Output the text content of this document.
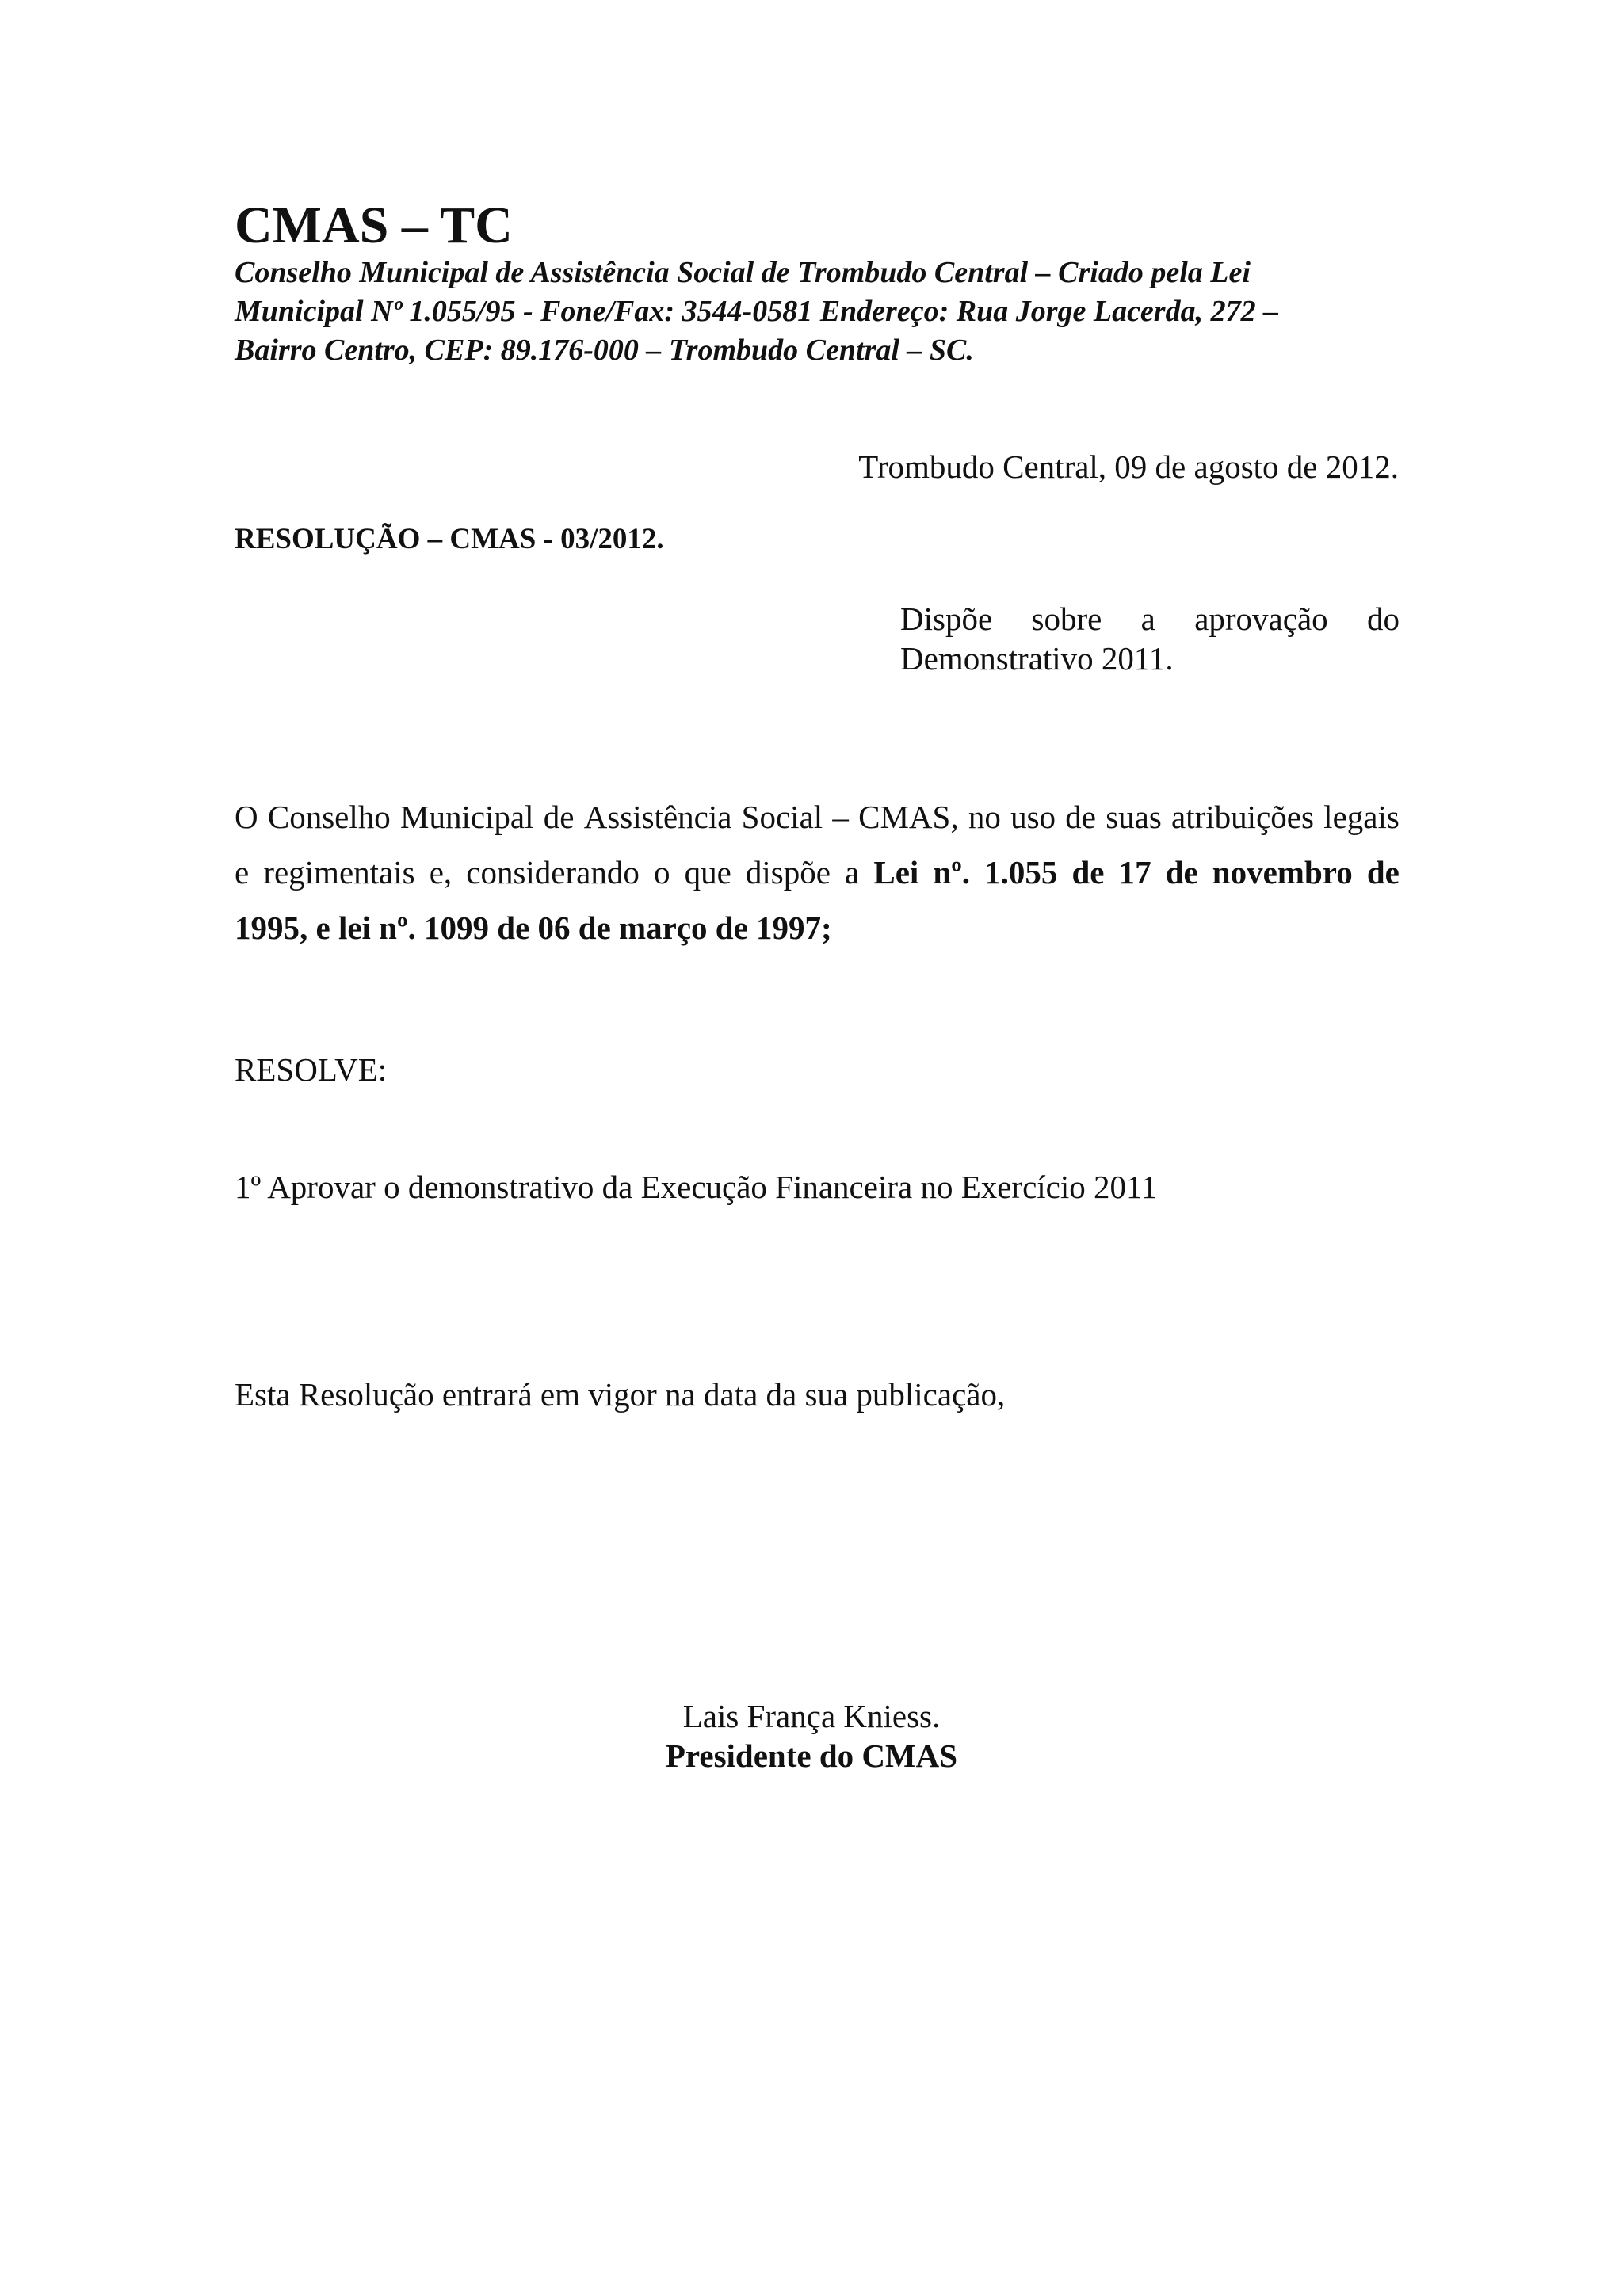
CMAS – TC
Conselho Municipal de Assistência Social de Trombudo Central – Criado pela Lei
Municipal Nº 1.055/95 - Fone/Fax: 3544-0581 Endereço: Rua Jorge Lacerda, 272 –
Bairro Centro, CEP: 89.176-000 – Trombudo Central – SC.
Trombudo Central, 09 de agosto de 2012.
RESOLUÇÃO – CMAS - 03/2012.
Dispõe sobre a aprovação do
Demonstrativo 2011.
O Conselho Municipal de Assistência Social – CMAS, no uso de suas atribuições legais
e regimentais e, considerando o que dispõe a Lei nº. 1.055 de 17 de novembro de
1995, e lei nº. 1099 de 06 de março de 1997;
RESOLVE:
1º Aprovar o demonstrativo da Execução Financeira no Exercício 2011
Esta Resolução entrará em vigor na data da sua publicação,
Lais França Kniess.
Presidente do CMAS
